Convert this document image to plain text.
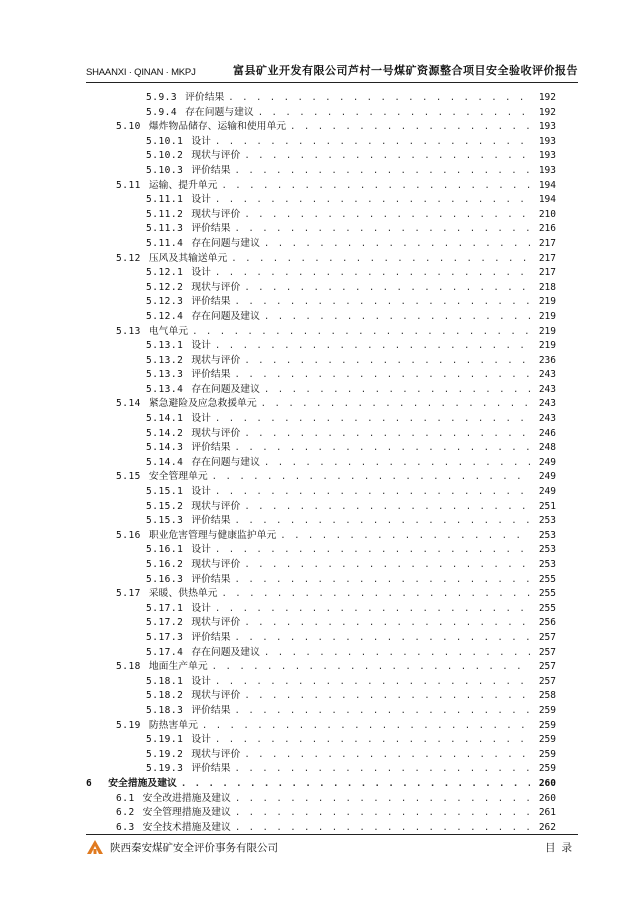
SHAANXI · QINAN · MKPJ	富县矿业开发有限公司芦村一号煤矿资源整合项目安全验收评价报告
5.9.3 评价结果 . . .	192
5.9.4 存在问题与建议 . . .	192
5.10 爆炸物品储存、运输和使用单元 . . .	193
5.10.1 设计 . . .	193
5.10.2 现状与评价 . . .	193
5.10.3 评价结果 . . .	193
5.11 运输、提升单元 . . .	194
5.11.1 设计 . . .	194
5.11.2 现状与评价 . . .	210
5.11.3 评价结果 . . .	216
5.11.4 存在问题与建议 . . .	217
5.12 压风及其输送单元 . . .	217
5.12.1 设计 . . .	217
5.12.2 现状与评价 . . .	218
5.12.3 评价结果 . . .	219
5.12.4 存在问题及建议 . . .	219
5.13 电气单元 . . .	219
5.13.1 设计 . . .	219
5.13.2 现状与评价 . . .	236
5.13.3 评价结果 . . .	243
5.13.4 存在问题及建议 . . .	243
5.14 紧急避险及应急救援单元 . . .	243
5.14.1 设计 . . .	243
5.14.2 现状与评价 . . .	246
5.14.3 评价结果 . . .	248
5.14.4 存在问题与建议 . . .	249
5.15 安全管理单元 . . .	249
5.15.1 设计 . . .	249
5.15.2 现状与评价 . . .	251
5.15.3 评价结果 . . .	253
5.16 职业危害管理与健康监护单元 . . .	253
5.16.1 设计 . . .	253
5.16.2 现状与评价 . . .	253
5.16.3 评价结果 . . .	255
5.17 采暖、供热单元 . . .	255
5.17.1 设计 . . .	255
5.17.2 现状与评价 . . .	256
5.17.3 评价结果 . . .	257
5.17.4 存在问题及建议 . . .	257
5.18 地面生产单元 . . .	257
5.18.1 设计 . . .	257
5.18.2 现状与评价 . . .	258
5.18.3 评价结果 . . .	259
5.19 防热害单元 . . .	259
5.19.1 设计 . . .	259
5.19.2 现状与评价 . . .	259
5.19.3 评价结果 . . .	259
6 安全措施及建议 . . .	260
6.1 安全改进措施及建议 . . .	260
6.2 安全管理措施及建议 . . .	261
6.3 安全技术措施及建议 . . .	262
陕西秦安煤矿安全评价事务有限公司	目录
